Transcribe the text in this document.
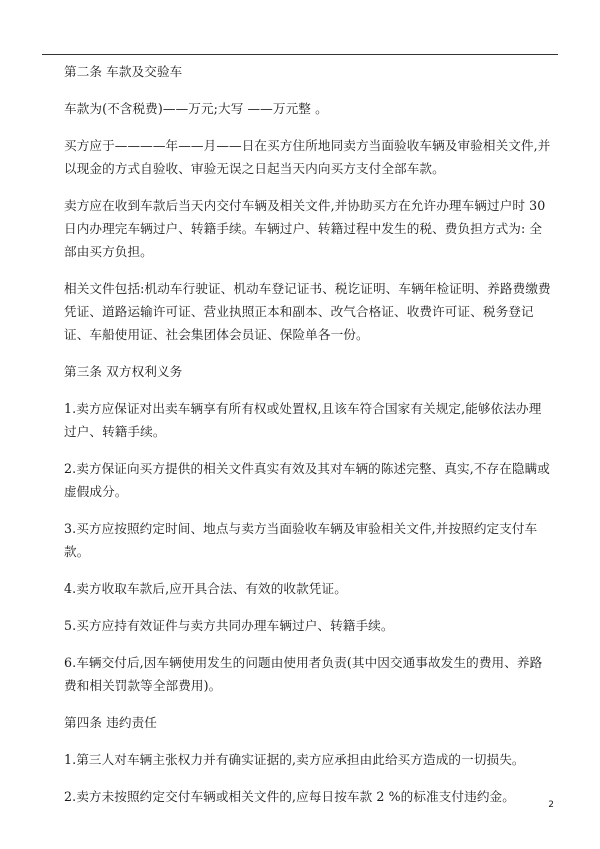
第二条 车款及交验车

车款为(不含税费)——万元;大写 ——万元整 。

买方应于————年——月——日在买方住所地同卖方当面验收车辆及审验相关文件,并以现金的方式自验收、审验无误之日起当天内向买方支付全部车款。

卖方应在收到车款后当天内交付车辆及相关文件,并协助买方在允许办理车辆过户时 30 日内办理完车辆过户、转籍手续。车辆过户、转籍过程中发生的税、费负担方式为: 全部由买方负担。

相关文件包括:机动车行驶证、机动车登记证书、税讫证明、车辆年检证明、养路费缴费凭证、道路运输许可证、营业执照正本和副本、改气合格证、收费许可证、税务登记证、车船使用证、社会集团体会员证、保险单各一份。

第三条 双方权利义务

1.卖方应保证对出卖车辆享有所有权或处置权,且该车符合国家有关规定,能够依法办理过户、转籍手续。

2.卖方保证向买方提供的相关文件真实有效及其对车辆的陈述完整、真实,不存在隐瞒或虚假成分。

3.买方应按照约定时间、地点与卖方当面验收车辆及审验相关文件,并按照约定支付车款。

4.卖方收取车款后,应开具合法、有效的收款凭证。

5.买方应持有效证件与卖方共同办理车辆过户、转籍手续。

6.车辆交付后,因车辆使用发生的问题由使用者负责(其中因交通事故发生的费用、养路费和相关罚款等全部费用)。

第四条 违约责任

1.第三人对车辆主张权力并有确实证据的,卖方应承担由此给买方造成的一切损失。

2.卖方未按照约定交付车辆或相关文件的,应每日按车款 2 %的标准支付违约金。

2
